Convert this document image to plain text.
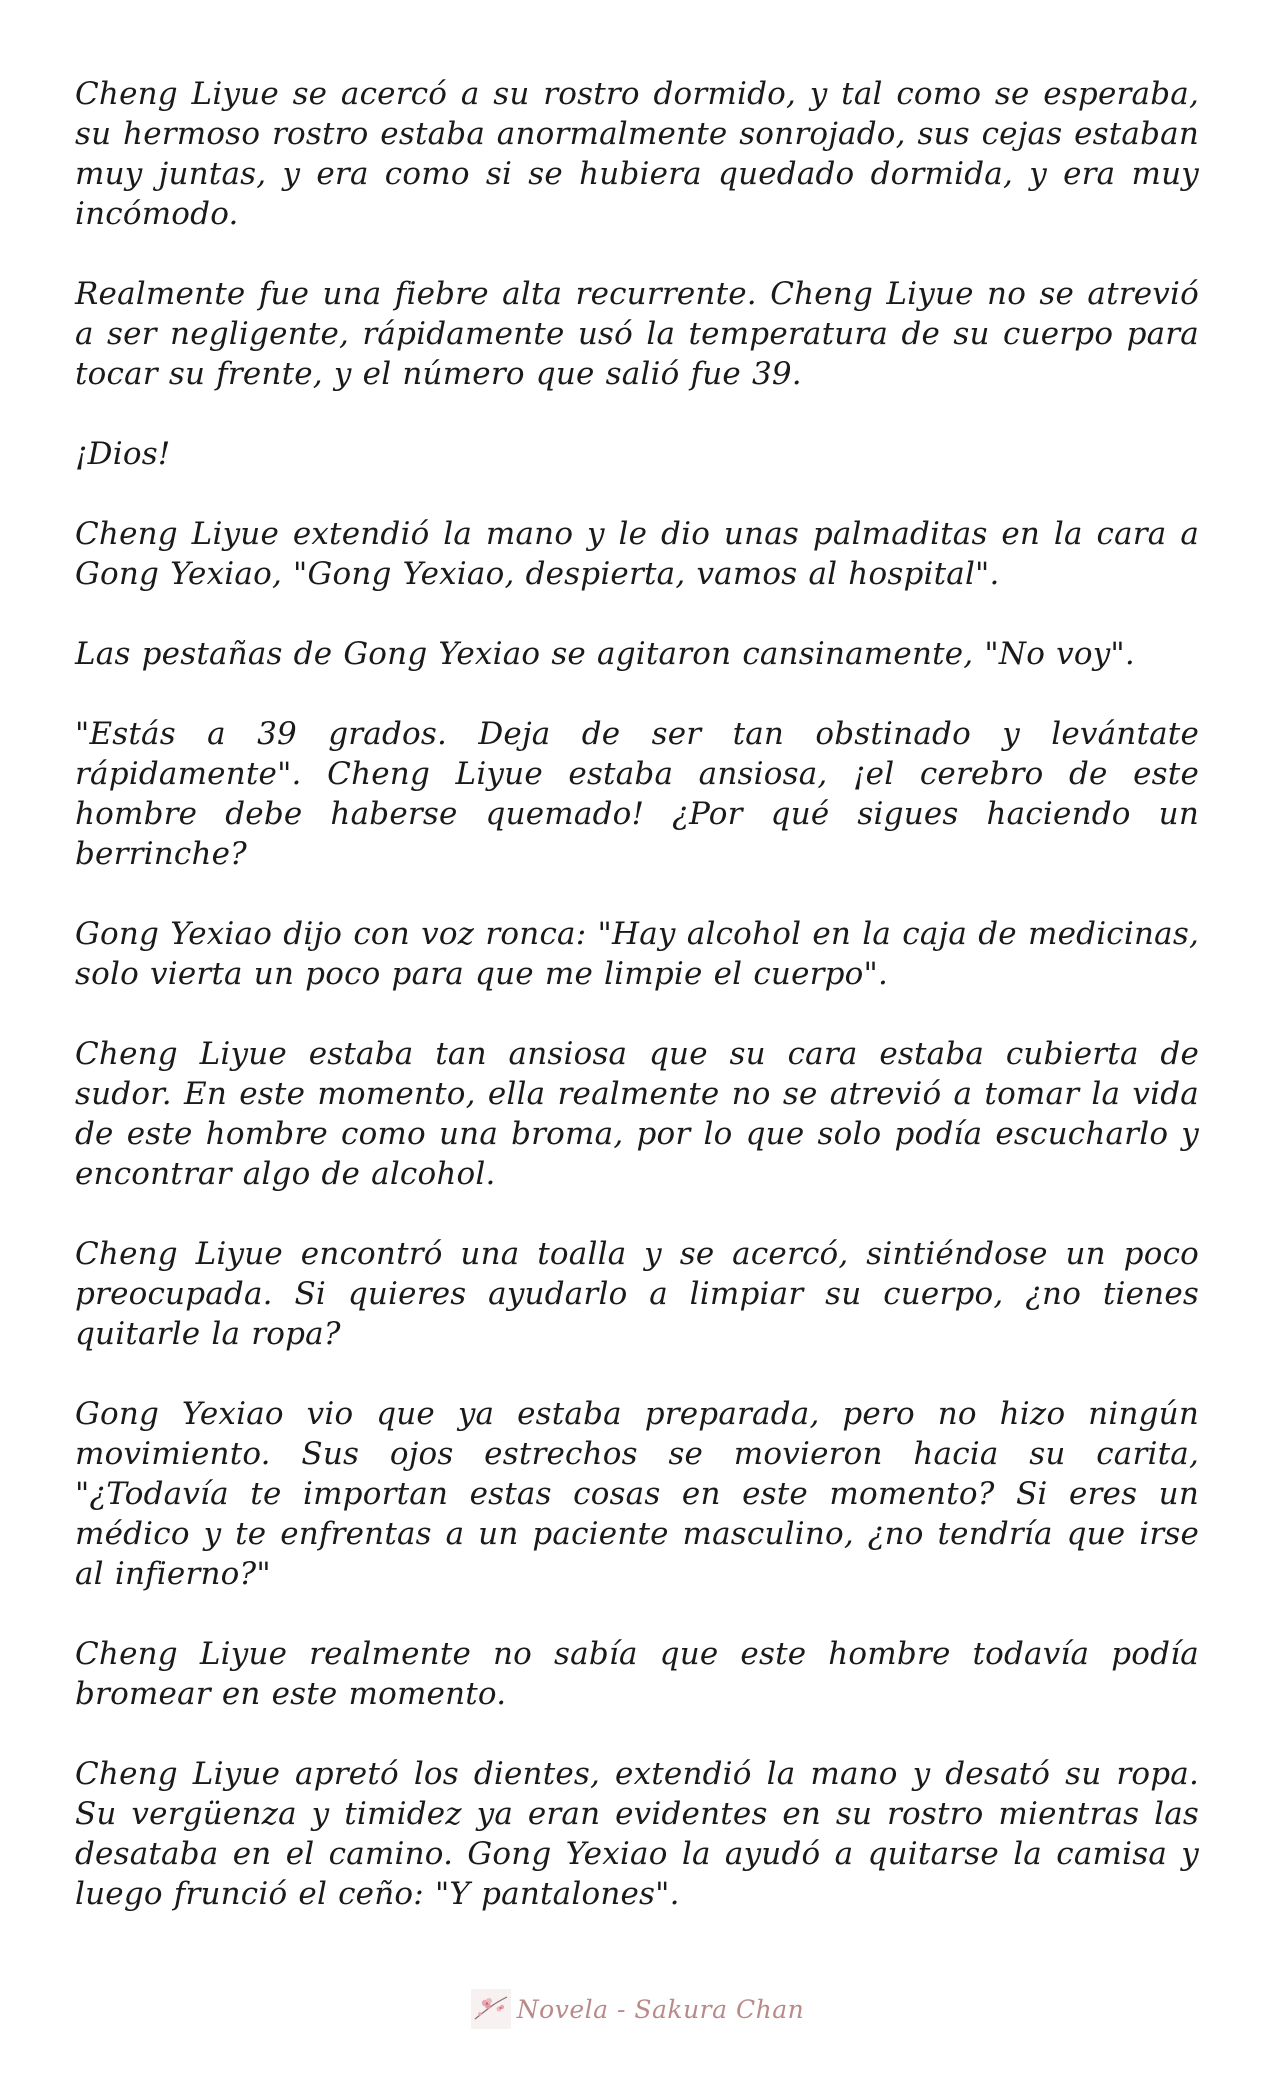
Cheng Liyue se acercó a su rostro dormido, y tal como se esperaba, su hermoso rostro estaba anormalmente sonrojado, sus cejas estaban muy juntas, y era como si se hubiera quedado dormida, y era muy incómodo.

Realmente fue una fiebre alta recurrente. Cheng Liyue no se atrevió a ser negligente, rápidamente usó la temperatura de su cuerpo para tocar su frente, y el número que salió fue 39.

¡Dios!

Cheng Liyue extendió la mano y le dio unas palmaditas en la cara a Gong Yexiao, "Gong Yexiao, despierta, vamos al hospital".

Las pestañas de Gong Yexiao se agitaron cansinamente, "No voy".

"Estás a 39 grados. Deja de ser tan obstinado y levántate rápidamente". Cheng Liyue estaba ansiosa, ¡el cerebro de este hombre debe haberse quemado! ¿Por qué sigues haciendo un berrinche?

Gong Yexiao dijo con voz ronca: "Hay alcohol en la caja de medicinas, solo vierta un poco para que me limpie el cuerpo".

Cheng Liyue estaba tan ansiosa que su cara estaba cubierta de sudor. En este momento, ella realmente no se atrevió a tomar la vida de este hombre como una broma, por lo que solo podía escucharlo y encontrar algo de alcohol.

Cheng Liyue encontró una toalla y se acercó, sintiéndose un poco preocupada. Si quieres ayudarlo a limpiar su cuerpo, ¿no tienes quitarle la ropa?

Gong Yexiao vio que ya estaba preparada, pero no hizo ningún movimiento. Sus ojos estrechos se movieron hacia su carita, "¿Todavía te importan estas cosas en este momento? Si eres un médico y te enfrentas a un paciente masculino, ¿no tendría que irse al infierno?"

Cheng Liyue realmente no sabía que este hombre todavía podía bromear en este momento.

Cheng Liyue apretó los dientes, extendió la mano y desató su ropa. Su vergüenza y timidez ya eran evidentes en su rostro mientras las desataba en el camino. Gong Yexiao la ayudó a quitarse la camisa y luego frunció el ceño: "Y pantalones".

Novela - Sakura Chan
